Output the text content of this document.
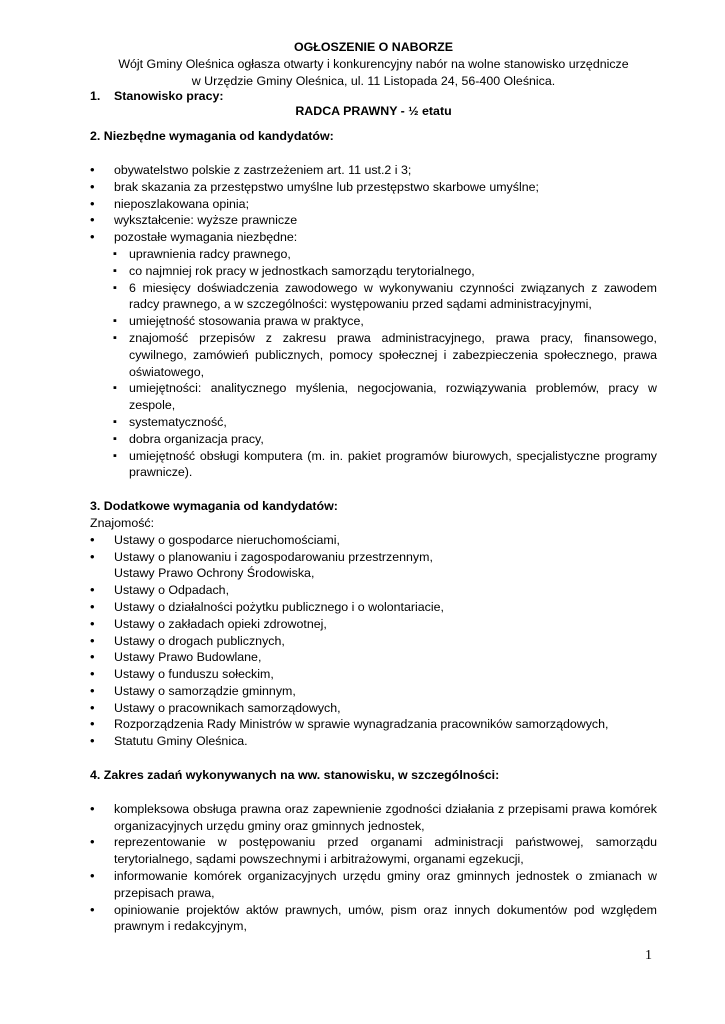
OGŁOSZENIE O NABORZE

Wójt Gminy Oleśnica ogłasza otwarty i konkurencyjny nabór na wolne stanowisko urzędnicze

w Urzędzie Gminy Oleśnica, ul. 11 Listopada 24, 56-400 Oleśnica.

1.	Stanowisko pracy:

RADCA PRAWNY - ½ etatu

2. Niezbędne wymagania od kandydatów:

• obywatelstwo polskie z zastrzeżeniem art. 11 ust.2 i 3;
• brak skazania za przestępstwo umyślne lub przestępstwo skarbowe umyślne;
• nieposzlakowana opinia;
• wykształcenie: wyższe prawnicze
• pozostałe wymagania niezbędne:
▪ uprawnienia radcy prawnego,
▪ co najmniej rok pracy w jednostkach samorządu terytorialnego,
▪ 6 miesięcy doświadczenia zawodowego w wykonywaniu czynności związanych z zawodem radcy prawnego, a w szczególności: występowaniu przed sądami administracyjnymi,
▪ umiejętność stosowania prawa w praktyce,
▪ znajomość przepisów z zakresu prawa administracyjnego, prawa pracy, finansowego, cywilnego, zamówień publicznych, pomocy społecznej i zabezpieczenia społecznego, prawa oświatowego,
▪ umiejętności: analitycznego myślenia, negocjowania, rozwiązywania problemów, pracy w zespole,
▪ systematyczność,
▪ dobra organizacja pracy,
▪ umiejętność obsługi komputera (m. in. pakiet programów biurowych, specjalistyczne programy prawnicze).

3. Dodatkowe wymagania od kandydatów:

Znajomość:

• Ustawy o gospodarce nieruchomościami,
• Ustawy o planowaniu i zagospodarowaniu przestrzennym,
Ustawy Prawo Ochrony Środowiska,
• Ustawy o Odpadach,
• Ustawy o działalności pożytku publicznego i o wolontariacie,
• Ustawy o zakładach opieki zdrowotnej,
• Ustawy o drogach publicznych,
• Ustawy Prawo Budowlane,
• Ustawy o funduszu sołeckim,
• Ustawy o samorządzie gminnym,
• Ustawy o pracownikach samorządowych,
• Rozporządzenia Rady Ministrów w sprawie wynagradzania pracowników samorządowych,
• Statutu Gminy Oleśnica.

4. Zakres zadań wykonywanych na ww. stanowisku, w szczególności:

• kompleksowa obsługa prawna oraz zapewnienie zgodności działania z przepisami prawa komórek organizacyjnych urzędu gminy oraz gminnych jednostek,
• reprezentowanie w postępowaniu przed organami administracji państwowej, samorządu terytorialnego, sądami powszechnymi i arbitrażowymi, organami egzekucji,
• informowanie komórek organizacyjnych urzędu gminy oraz gminnych jednostek o zmianach w przepisach prawa,
• opiniowanie projektów aktów prawnych, umów, pism oraz innych dokumentów pod względem prawnym i redakcyjnym,
1
